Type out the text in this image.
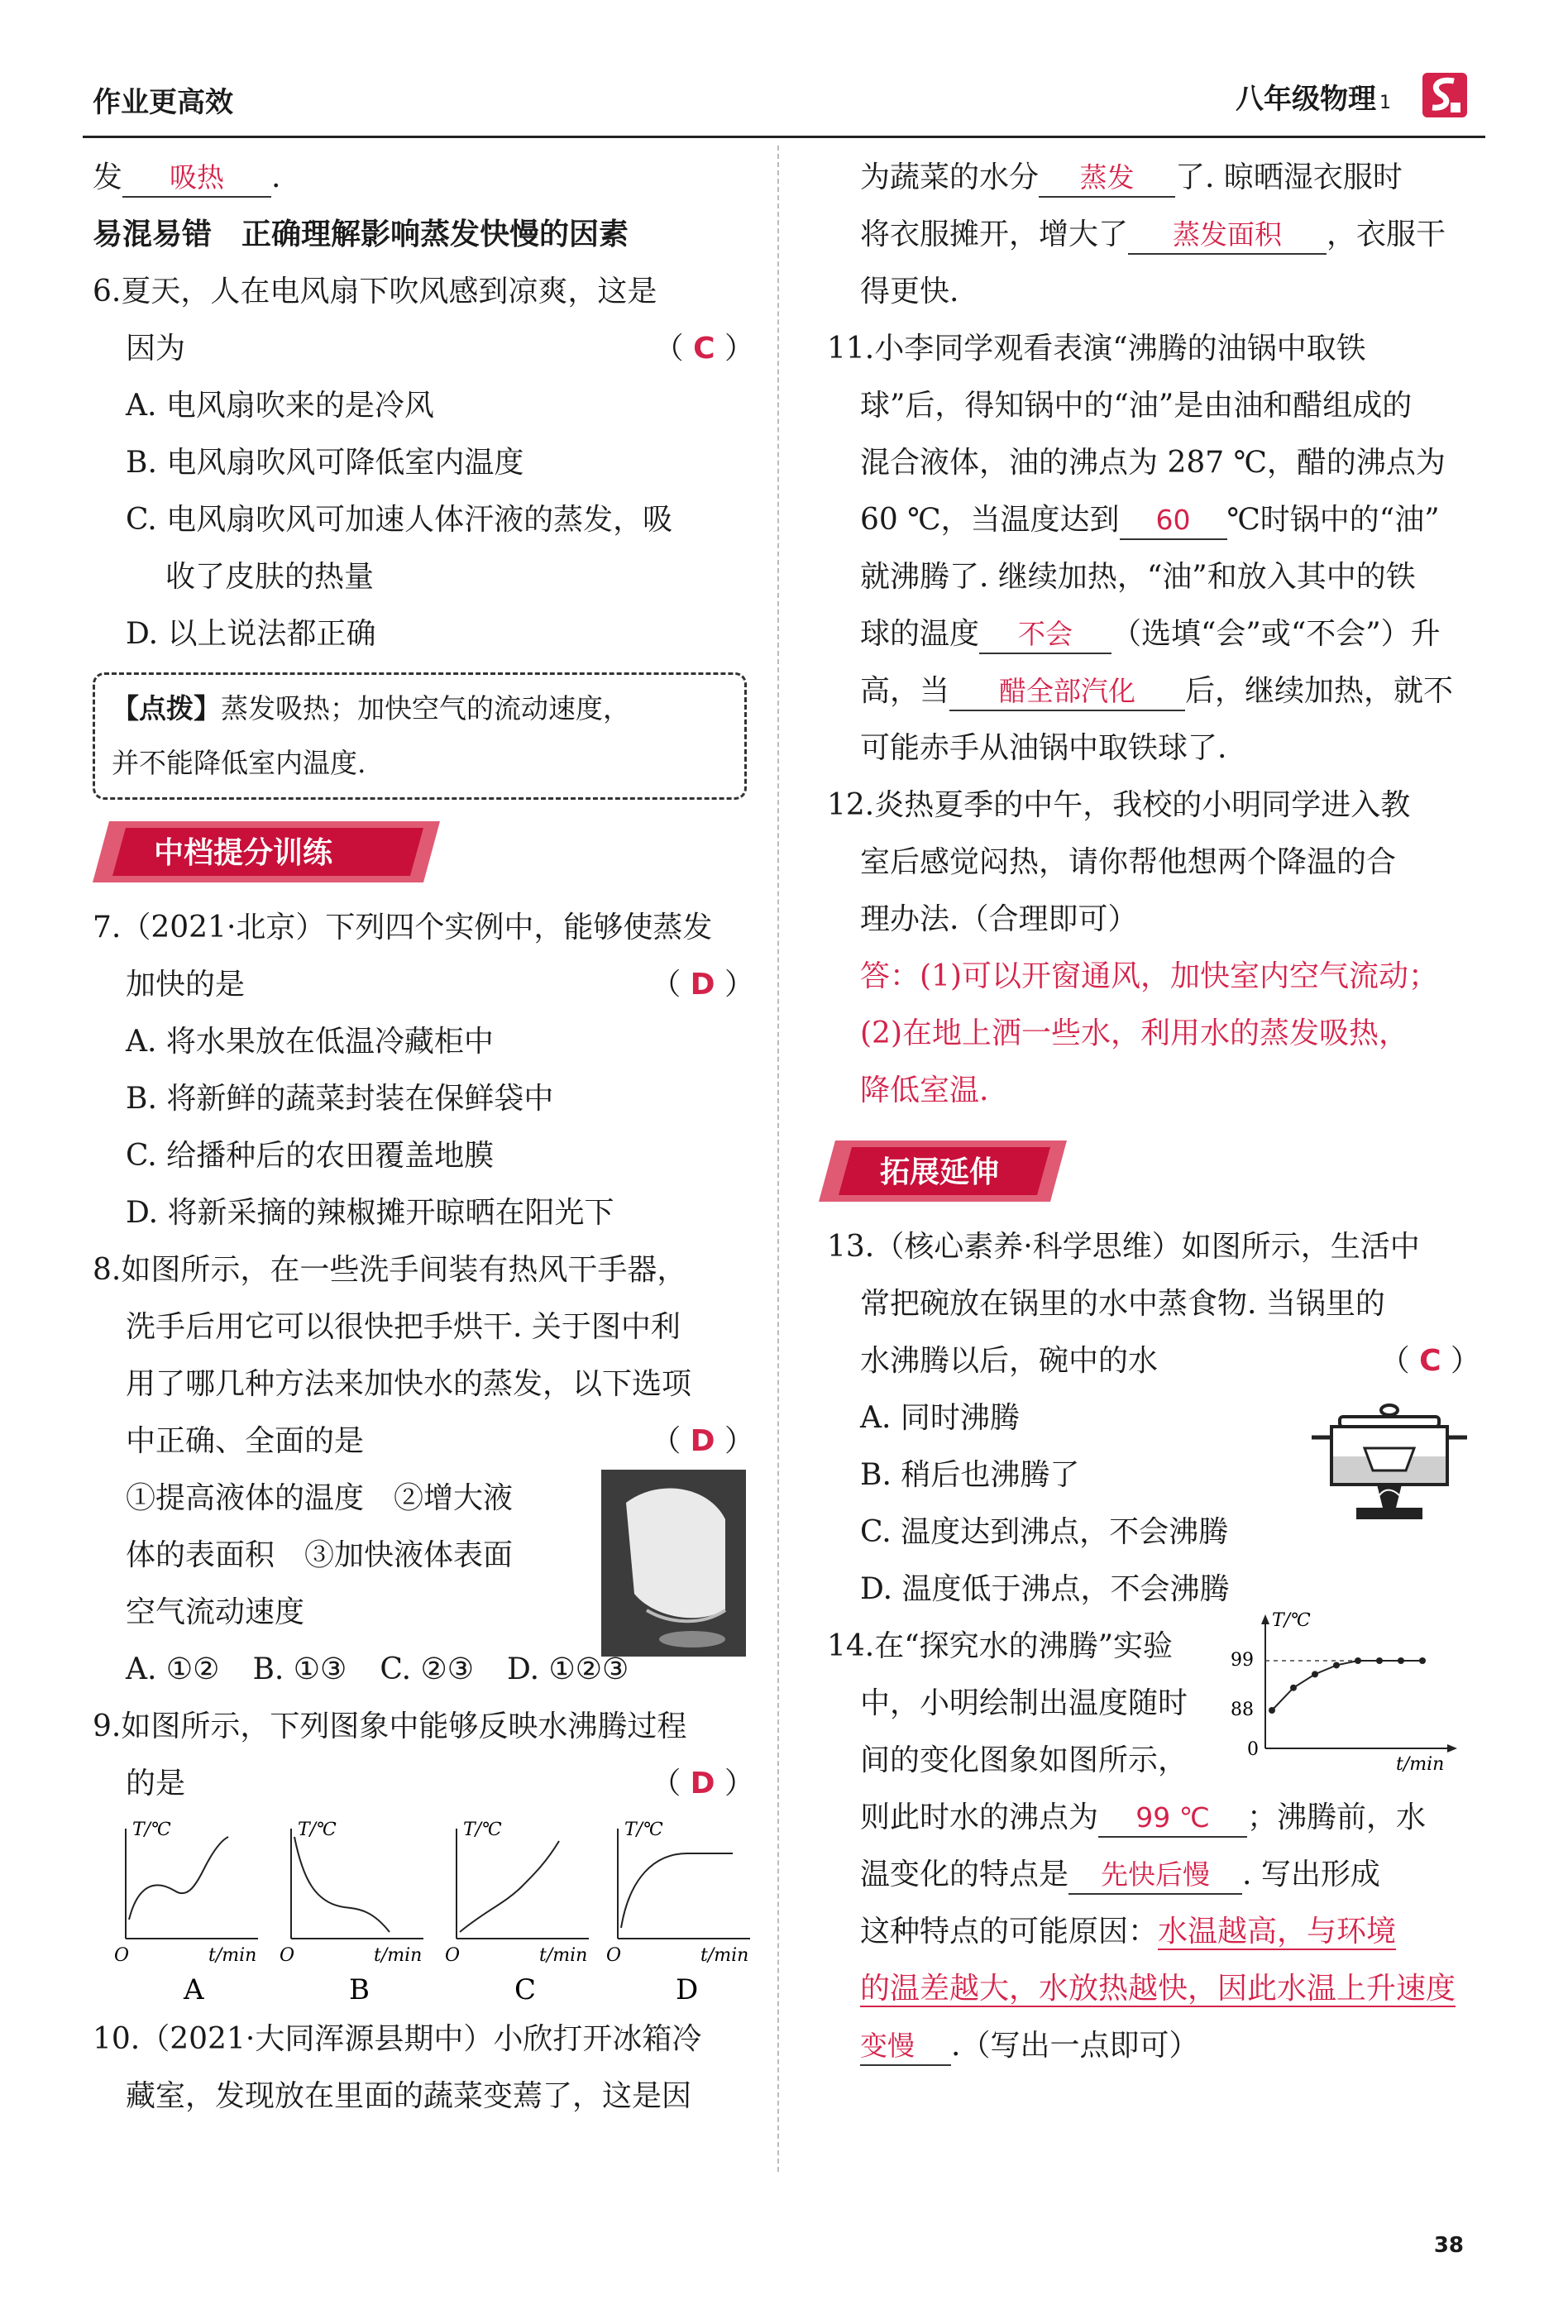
作业更高效	八年级物理 1
发 吸热 .
易混易错　正确理解影响蒸发快慢的因素
6.夏天，人在电风扇下吹风感到凉爽，这是
因为	（ C ）
A. 电风扇吹来的是冷风
B. 电风扇吹风可降低室内温度
C. 电风扇吹风可加速人体汗液的蒸发，吸
收了皮肤的热量
D. 以上说法都正确
【点拨】蒸发吸热；加快空气的流动速度，
并不能降低室内温度.
中档提分训练
7.（2021·北京）下列四个实例中，能够使蒸发
加快的是	（ D ）
A. 将水果放在低温冷藏柜中
B. 将新鲜的蔬菜封装在保鲜袋中
C. 给播种后的农田覆盖地膜
D. 将新采摘的辣椒摊开晾晒在阳光下
8.如图所示，在一些洗手间装有热风干手器，
洗手后用它可以很快把手烘干. 关于图中利
用了哪几种方法来加快水的蒸发，以下选项
中正确、全面的是	（ D ）
①提高液体的温度　②增大液
体的表面积　③加快液体表面
空气流动速度
A. ①② B. ①③ C. ②③ D. ①②③
9.如图所示，下列图象中能够反映水沸腾过程
的是	（ D ）
T/℃
t/min
O
A
T/℃
t/min
O
B
T/℃
t/min
O
C
T/℃
t/min
O
D
10.（2021·大同浑源县期中）小欣打开冰箱冷
藏室，发现放在里面的蔬菜变蔫了，这是因
为蔬菜的水分 蒸发 了. 晾晒湿衣服时
将衣服摊开，增大了 蒸发面积 ，衣服干
得更快.
11.小李同学观看表演“沸腾的油锅中取铁
球”后，得知锅中的“油”是由油和醋组成的
混合液体，油的沸点为 287 ℃，醋的沸点为
60 ℃，当温度达到 60 ℃时锅中的“油”
就沸腾了. 继续加热，“油”和放入其中的铁
球的温度 不会 （选填“会”或“不会”）升
高，当 醋全部汽化 后，继续加热，就不
可能赤手从油锅中取铁球了.
12.炎热夏季的中午，我校的小明同学进入教
室后感觉闷热，请你帮他想两个降温的合
理办法.（合理即可）
答：(1)可以开窗通风，加快室内空气流动；
(2)在地上洒一些水，利用水的蒸发吸热，
降低室温.
拓展延伸
13.（核心素养·科学思维）如图所示，生活中
常把碗放在锅里的水中蒸食物. 当锅里的
水沸腾以后，碗中的水	（ C ）
A. 同时沸腾
B. 稍后也沸腾了
C. 温度达到沸点，不会沸腾
D. 温度低于沸点，不会沸腾
14.在“探究水的沸腾”实验
中，小明绘制出温度随时
间的变化图象如图所示，
则此时水的沸点为 99 ℃ ；沸腾前，水
温变化的特点是 先快后慢 . 写出形成
这种特点的可能原因：水温越高，与环境
的温差越大，水放热越快，因此水温上升速度
变慢 .（写出一点即可）
T/℃
t/min
0
99
88
38
